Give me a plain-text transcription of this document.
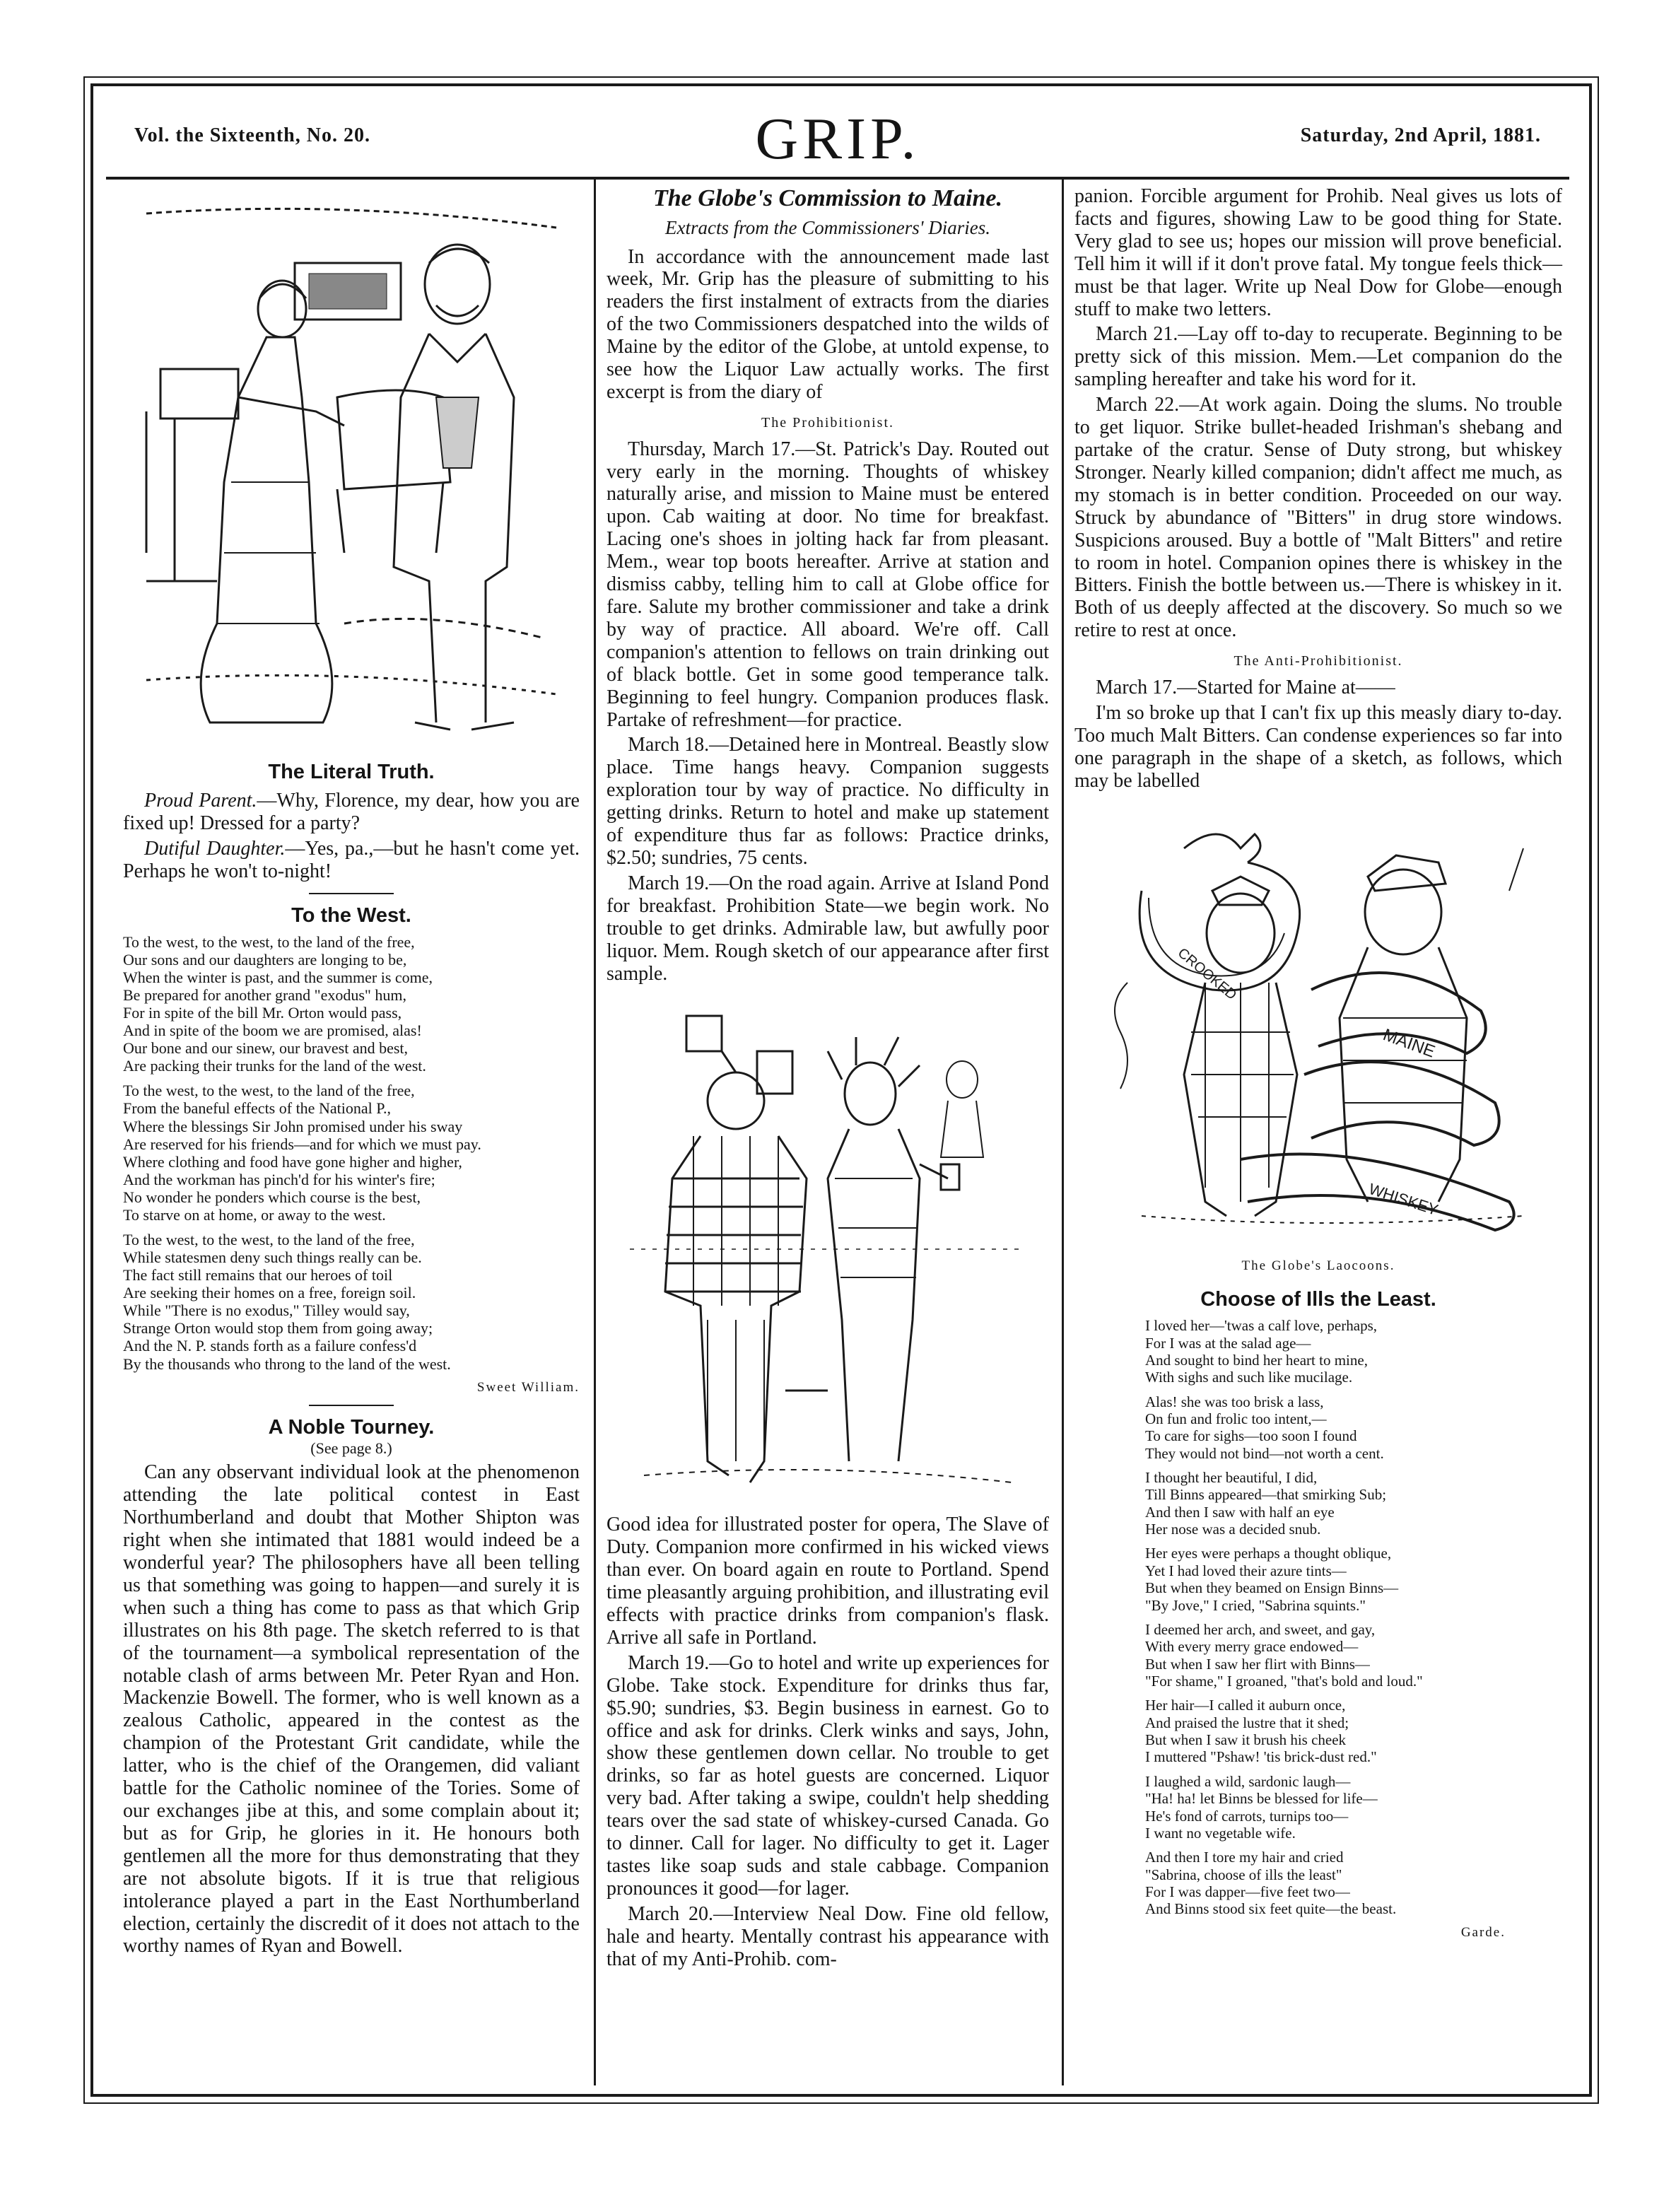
Vol. the Sixteenth, No. 20.	GRIP.	Saturday, 2nd April, 1881.
The Literal Truth.

Proud Parent.—Why, Florence, my dear, how you are fixed up! Dressed for a party?

Dutiful Daughter.—Yes, pa.,—but he hasn't come yet. Perhaps he won't to-night!

To the West.
To the west, to the west, to the land of the free,
Our sons and our daughters are longing to be,
When the winter is past, and the summer is come,
Be prepared for another grand "exodus" hum,
For in spite of the bill Mr. Orton would pass,
And in spite of the boom we are promised, alas!
Our bone and our sinew, our bravest and best,
Are packing their trunks for the land of the west.
To the west, to the west, to the land of the free,
From the baneful effects of the National P.,
Where the blessings Sir John promised under his sway
Are reserved for his friends—and for which we must pay.
Where clothing and food have gone higher and higher,
And the workman has pinch'd for his winter's fire;
No wonder he ponders which course is the best,
To starve on at home, or away to the west.
To the west, to the west, to the land of the free,
While statesmen deny such things really can be.
The fact still remains that our heroes of toil
Are seeking their homes on a free, foreign soil.
While "There is no exodus," Tilley would say,
Strange Orton would stop them from going away;
And the N. P. stands forth as a failure confess'd
By the thousands who throng to the land of the west.
Sweet William.
A Noble Tourney.
(See page 8.)

Can any observant individual look at the phenomenon attending the late political contest in East Northumberland and doubt that Mother Shipton was right when she intimated that 1881 would indeed be a wonderful year? The philosophers have all been telling us that something was going to happen—and surely it is when such a thing has come to pass as that which Grip illustrates on his 8th page. The sketch referred to is that of the tournament—a symbolical representation of the notable clash of arms between Mr. Peter Ryan and Hon. Mackenzie Bowell. The former, who is well known as a zealous Catholic, appeared in the contest as the champion of the Protestant Grit candidate, while the latter, who is the chief of the Orangemen, did valiant battle for the Catholic nominee of the Tories. Some of our exchanges jibe at this, and some complain about it; but as for Grip, he glories in it. He honours both gentlemen all the more for thus demonstrating that they are not absolute bigots. If it is true that religious intolerance played a part in the East Northumberland election, certainly the discredit of it does not attach to the worthy names of Ryan and Bowell.

The Globe's Commission to Maine.
Extracts from the Commissioners' Diaries.

In accordance with the announcement made last week, Mr. Grip has the pleasure of submitting to his readers the first instalment of extracts from the diaries of the two Commissioners despatched into the wilds of Maine by the editor of the Globe, at untold expense, to see how the Liquor Law actually works. The first excerpt is from the diary of

The Prohibitionist.

Thursday, March 17.—St. Patrick's Day. Routed out very early in the morning. Thoughts of whiskey naturally arise, and mission to Maine must be entered upon. Cab waiting at door. No time for breakfast. Lacing one's shoes in jolting hack far from pleasant. Mem., wear top boots hereafter. Arrive at station and dismiss cabby, telling him to call at Globe office for fare. Salute my brother commissioner and take a drink by way of practice. All aboard. We're off. Call companion's attention to fellows on train drinking out of black bottle. Get in some good temperance talk. Beginning to feel hungry. Companion produces flask. Partake of refreshment—for practice.

March 18.—Detained here in Montreal. Beastly slow place. Time hangs heavy. Companion suggests exploration tour by way of practice. No difficulty in getting drinks. Return to hotel and make up statement of expenditure thus far as follows: Practice drinks, $2.50; sundries, 75 cents.

March 19.—On the road again. Arrive at Island Pond for breakfast. Prohibition State—we begin work. No trouble to get drinks. Admirable law, but awfully poor liquor. Mem. Rough sketch of our appearance after first sample.

Good idea for illustrated poster for opera, The Slave of Duty. Companion more confirmed in his wicked views than ever. On board again en route to Portland. Spend time pleasantly arguing prohibition, and illustrating evil effects with practice drinks from companion's flask. Arrive all safe in Portland.

March 19.—Go to hotel and write up experiences for Globe. Take stock. Expenditure for drinks thus far, $5.90; sundries, $3. Begin business in earnest. Go to office and ask for drinks. Clerk winks and says, John, show these gentlemen down cellar. No trouble to get drinks, so far as hotel guests are concerned. Liquor very bad. After taking a swipe, couldn't help shedding tears over the sad state of whiskey-cursed Canada. Go to dinner. Call for lager. No difficulty to get it. Lager tastes like soap suds and stale cabbage. Companion pronounces it good—for lager.

March 20.—Interview Neal Dow. Fine old fellow, hale and hearty. Mentally contrast his appearance with that of my Anti-Prohib. com-

panion. Forcible argument for Prohib. Neal gives us lots of facts and figures, showing Law to be good thing for State. Very glad to see us; hopes our mission will prove beneficial. Tell him it will if it don't prove fatal. My tongue feels thick—must be that lager. Write up Neal Dow for Globe—enough stuff to make two letters.

March 21.—Lay off to-day to recuperate. Beginning to be pretty sick of this mission. Mem.—Let companion do the sampling hereafter and take his word for it.

March 22.—At work again. Doing the slums. No trouble to get liquor. Strike bullet-headed Irishman's shebang and partake of the cratur. Sense of Duty strong, but whiskey Stronger. Nearly killed companion; didn't affect me much, as my stomach is in better condition. Proceeded on our way. Struck by abundance of "Bitters" in drug store windows. Suspicions aroused. Buy a bottle of "Malt Bitters" and retire to room in hotel. Companion opines there is whiskey in the Bitters. Finish the bottle between us.—There is whiskey in it. Both of us deeply affected at the discovery. So much so we retire to rest at once.

The Anti-Prohibitionist.

March 17.—Started for Maine at——

I'm so broke up that I can't fix up this measly diary to-day. Too much Malt Bitters. Can condense experiences so far into one paragraph in the shape of a sketch, as follows, which may be labelled

CROOKED
MAINE
WHISKEY
The Globe's Laocoons.
Choose of Ills the Least.
I loved her—'twas a calf love, perhaps,
For I was at the salad age—
And sought to bind her heart to mine,
With sighs and such like mucilage.
Alas! she was too brisk a lass,
On fun and frolic too intent,—
To care for sighs—too soon I found
They would not bind—not worth a cent.
I thought her beautiful, I did,
Till Binns appeared—that smirking Sub;
And then I saw with half an eye
Her nose was a decided snub.
Her eyes were perhaps a thought oblique,
Yet I had loved their azure tints—
But when they beamed on Ensign Binns—
"By Jove," I cried, "Sabrina squints."
I deemed her arch, and sweet, and gay,
With every merry grace endowed—
But when I saw her flirt with Binns—
"For shame," I groaned, "that's bold and loud."
Her hair—I called it auburn once,
And praised the lustre that it shed;
But when I saw it brush his cheek
I muttered "Pshaw! 'tis brick-dust red."
I laughed a wild, sardonic laugh—
"Ha! ha! let Binns be blessed for life—
He's fond of carrots, turnips too—
I want no vegetable wife.
And then I tore my hair and cried
"Sabrina, choose of ills the least"
For I was dapper—five feet two—
And Binns stood six feet quite—the beast.
Garde.
